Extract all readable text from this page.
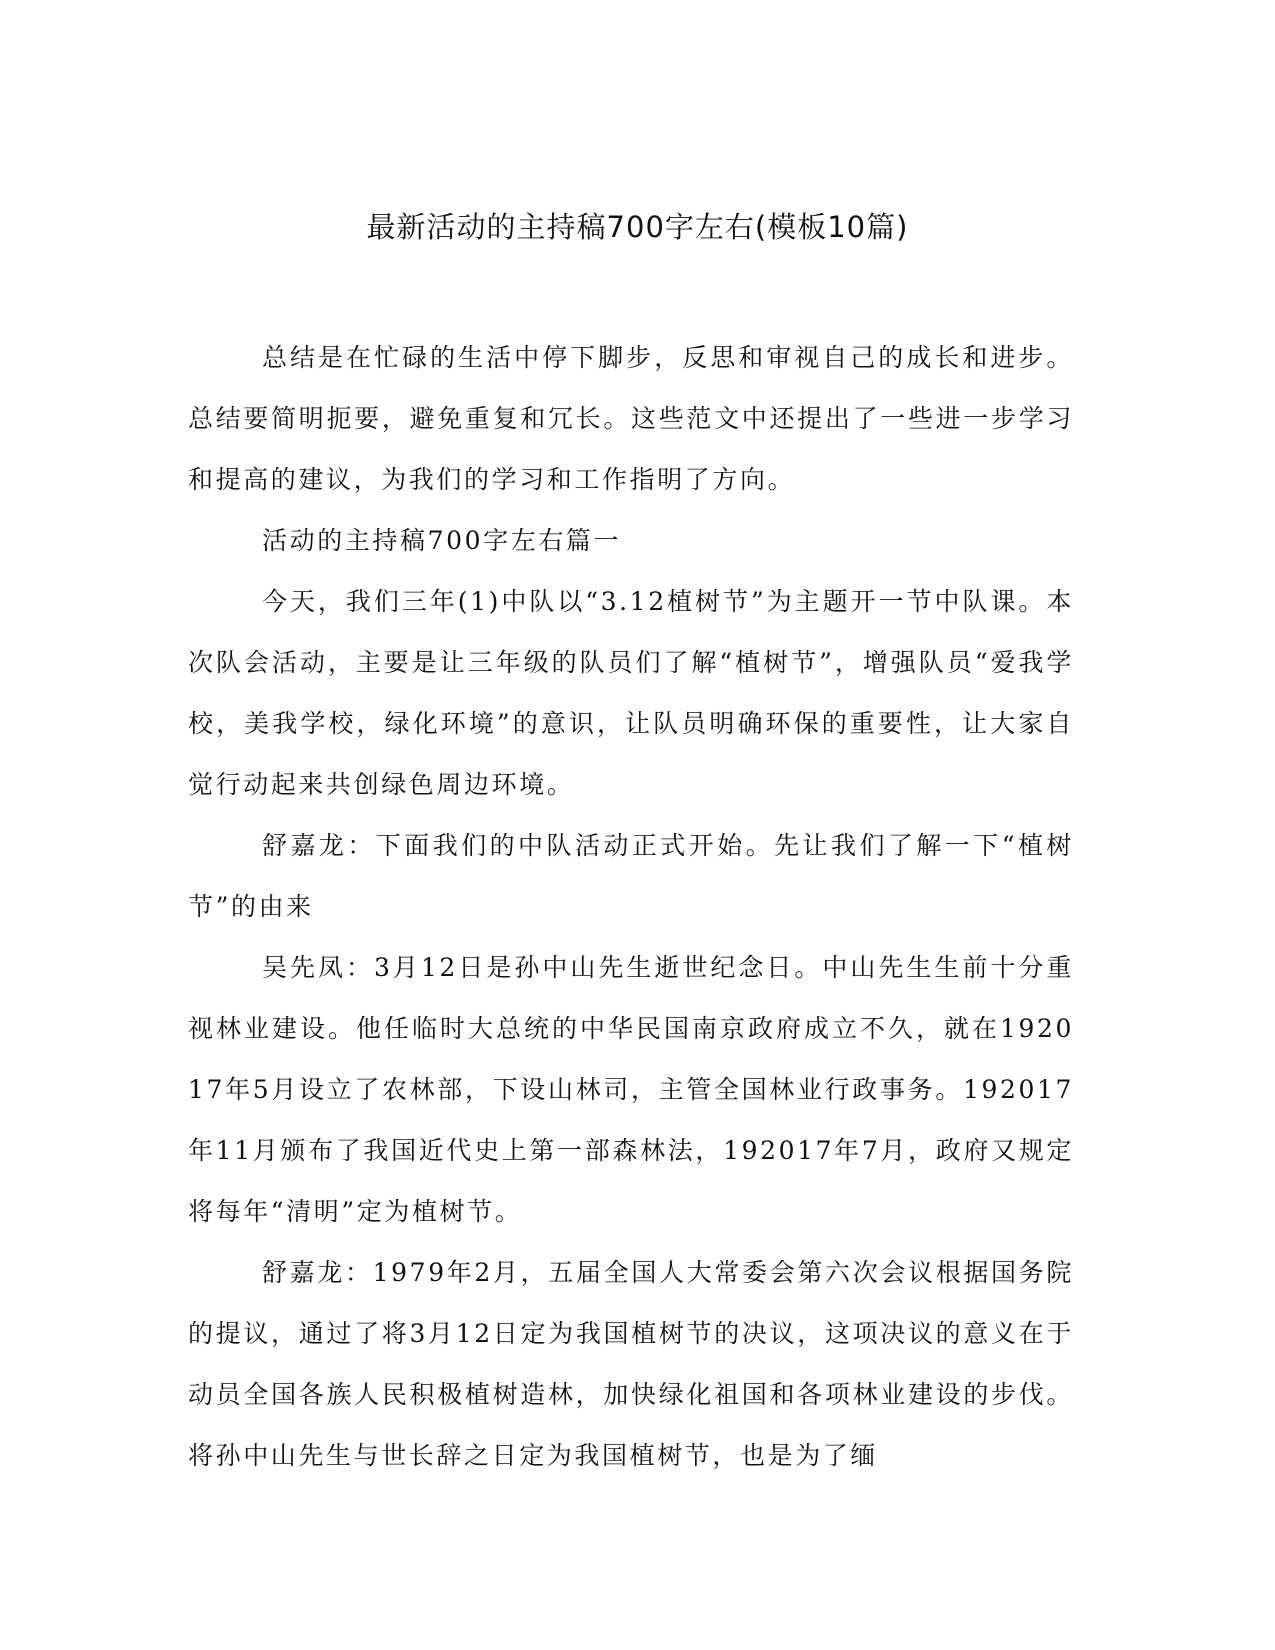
最新活动的主持稿700字左右(模板10篇)

总结是在忙碌的生活中停下脚步，反思和审视自己的成长和进步。总结要简明扼要，避免重复和冗长。这些范文中还提出了一些进一步学习和提高的建议，为我们的学习和工作指明了方向。

活动的主持稿700字左右篇一

今天，我们三年(1)中队以“3.12植树节”为主题开一节中队课。本次队会活动，主要是让三年级的队员们了解“植树节”，增强队员“爱我学校，美我学校，绿化环境”的意识，让队员明确环保的重要性，让大家自觉行动起来共创绿色周边环境。

舒嘉龙：下面我们的中队活动正式开始。先让我们了解一下“植树节”的由来

吴先凤：3月12日是孙中山先生逝世纪念日。中山先生生前十分重视林业建设。他任临时大总统的中华民国南京政府成立不久，就在192017年5月设立了农林部，下设山林司，主管全国林业行政事务。192017年11月颁布了我国近代史上第一部森林法，192017年7月，政府又规定将每年“清明”定为植树节。

舒嘉龙：1979年2月，五届全国人大常委会第六次会议根据国务院的提议，通过了将3月12日定为我国植树节的决议，这项决议的意义在于动员全国各族人民积极植树造林，加快绿化祖国和各项林业建设的步伐。将孙中山先生与世长辞之日定为我国植树节，也是为了缅
